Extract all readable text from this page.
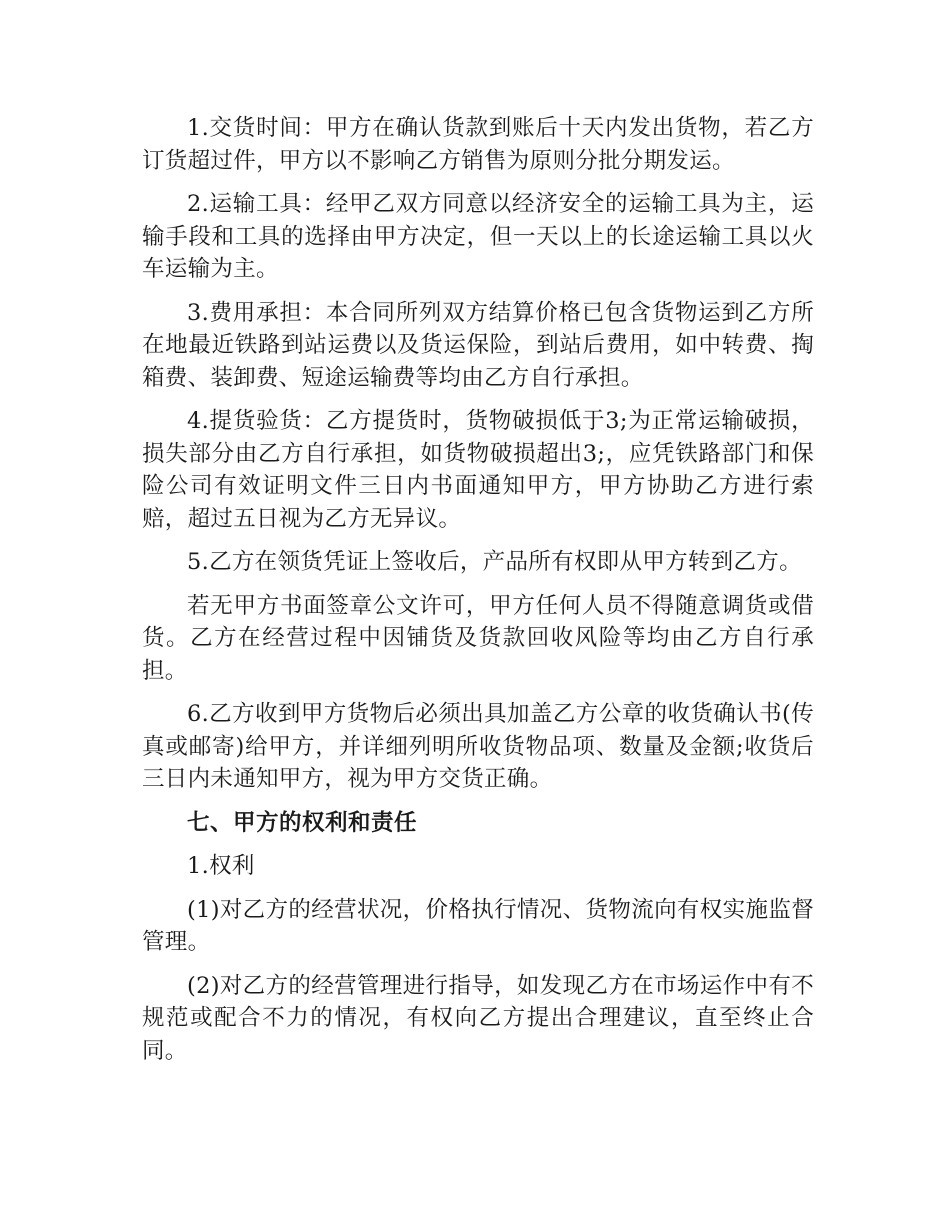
1.交货时间：甲方在确认货款到账后十天内发出货物，若乙方订货超过件，甲方以不影响乙方销售为原则分批分期发运。

2.运输工具：经甲乙双方同意以经济安全的运输工具为主，运输手段和工具的选择由甲方决定，但一天以上的长途运输工具以火车运输为主。

3.费用承担：本合同所列双方结算价格已包含货物运到乙方所在地最近铁路到站运费以及货运保险，到站后费用，如中转费、掏箱费、装卸费、短途运输费等均由乙方自行承担。

4.提货验货：乙方提货时，货物破损低于3;为正常运输破损，损失部分由乙方自行承担，如货物破损超出3;，应凭铁路部门和保险公司有效证明文件三日内书面通知甲方，甲方协助乙方进行索赔，超过五日视为乙方无异议。

5.乙方在领货凭证上签收后，产品所有权即从甲方转到乙方。

若无甲方书面签章公文许可，甲方任何人员不得随意调货或借货。乙方在经营过程中因铺货及货款回收风险等均由乙方自行承担。

6.乙方收到甲方货物后必须出具加盖乙方公章的收货确认书(传真或邮寄)给甲方，并详细列明所收货物品项、数量及金额;收货后三日内未通知甲方，视为甲方交货正确。

七、甲方的权利和责任

1.权利

(1)对乙方的经营状况，价格执行情况、货物流向有权实施监督管理。

(2)对乙方的经营管理进行指导，如发现乙方在市场运作中有不规范或配合不力的情况，有权向乙方提出合理建议，直至终止合同。
